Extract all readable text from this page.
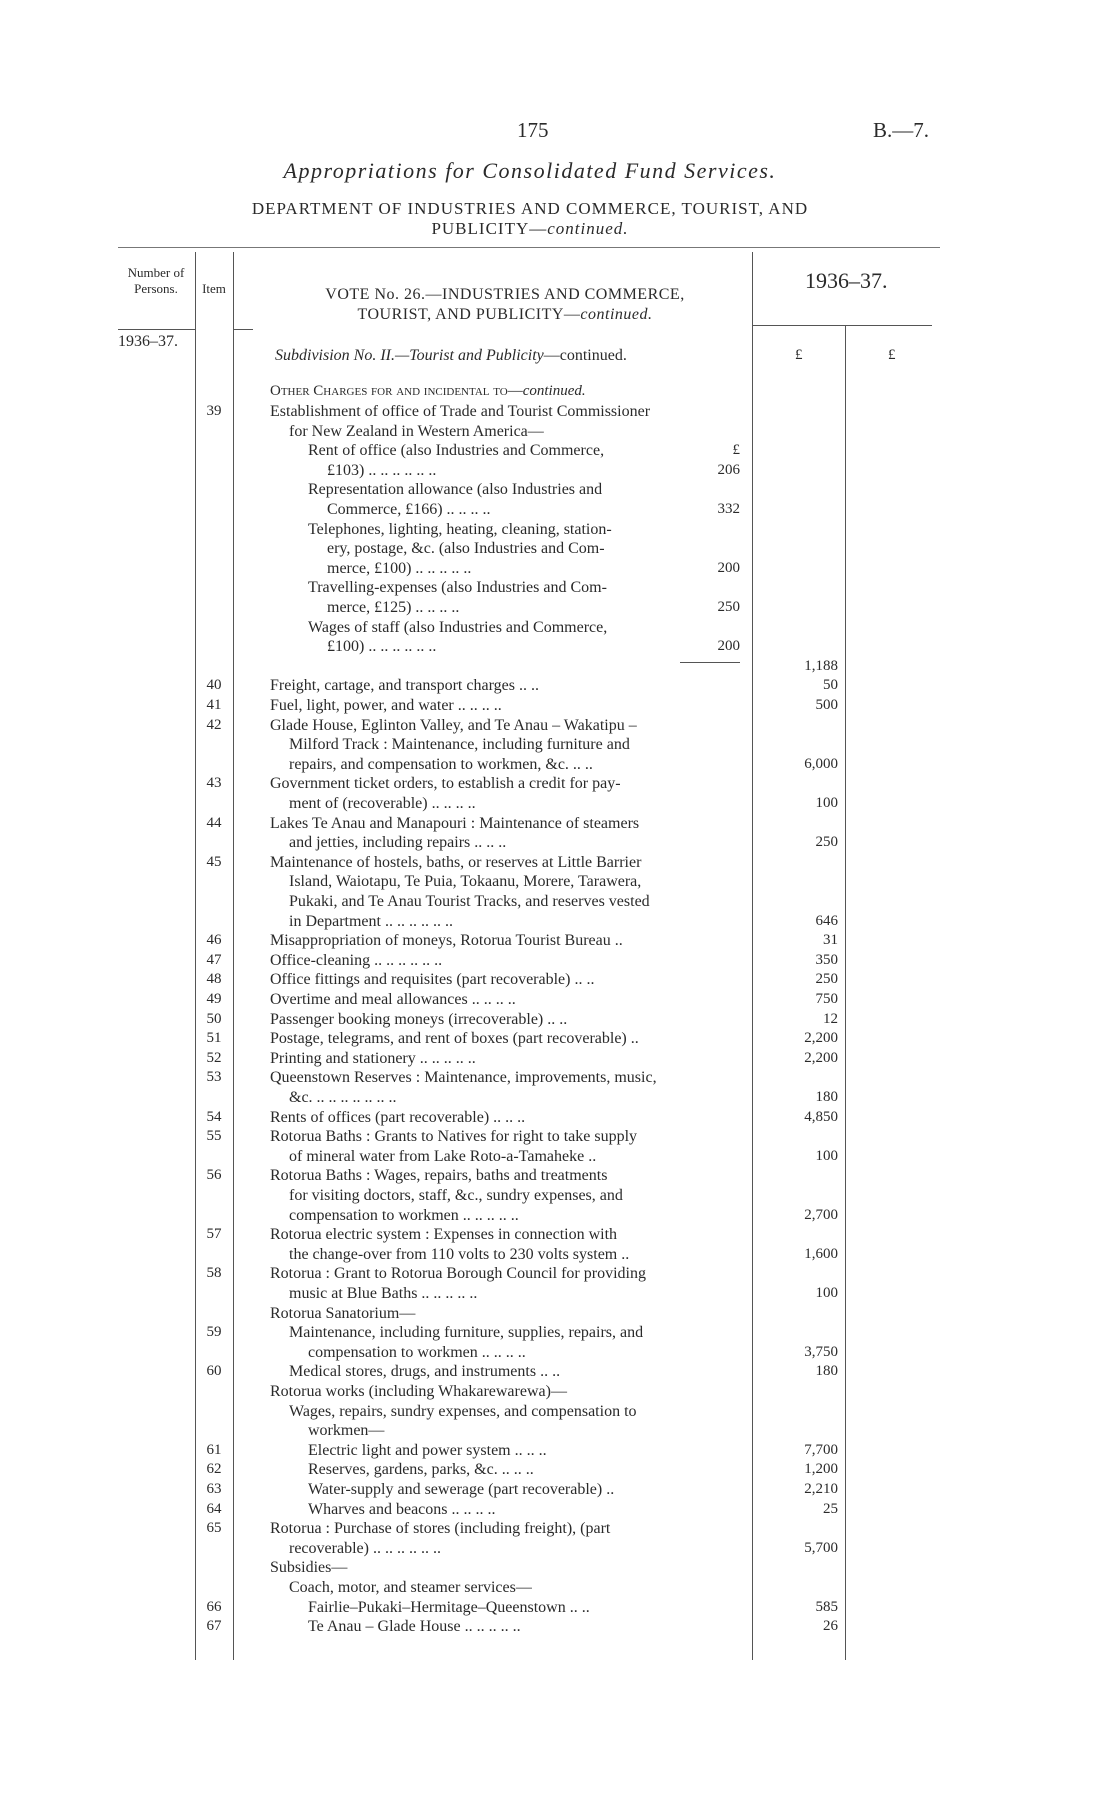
175	B.—7.
Appropriations for Consolidated Fund Services.
DEPARTMENT OF INDUSTRIES AND COMMERCE, TOURIST, AND
PUBLICITY—continued.
Number of Persons.	Item
1936–37.
VOTE No. 26.—INDUSTRIES AND COMMERCE,
TOURIST, AND PUBLICITY—continued.
1936–37.
Subdivision No. II.—Tourist and Publicity—continued.	£	£
Other Charges for and incidental to—continued.
39	Establishment of office of Trade and Tourist Commissioner
for New Zealand in Western America—
Rent of office (also Industries and Commerce,	£
£103) .. .. .. .. .. ..	206
Representation allowance (also Industries and
Commerce, £166) .. .. .. ..	332
Telephones, lighting, heating, cleaning, station-
ery, postage, &c. (also Industries and Com-
merce, £100) .. .. .. .. ..	200
Travelling-expenses (also Industries and Com-
merce, £125) .. .. .. ..	250
Wages of staff (also Industries and Commerce,
£100) .. .. .. .. .. ..	200
1,188
40	Freight, cartage, and transport charges .. ..	50
41	Fuel, light, power, and water .. .. .. ..	500
42	Glade House, Eglinton Valley, and Te Anau – Wakatipu –
Milford Track : Maintenance, including furniture and
repairs, and compensation to workmen, &c. .. ..	6,000
43	Government ticket orders, to establish a credit for pay-
ment of (recoverable) .. .. .. ..	100
44	Lakes Te Anau and Manapouri : Maintenance of steamers
and jetties, including repairs .. .. ..	250
45	Maintenance of hostels, baths, or reserves at Little Barrier
Island, Waiotapu, Te Puia, Tokaanu, Morere, Tarawera,
Pukaki, and Te Anau Tourist Tracks, and reserves vested
in Department .. .. .. .. .. ..	646
46	Misappropriation of moneys, Rotorua Tourist Bureau ..	31
47	Office-cleaning .. .. .. .. .. ..	350
48	Office fittings and requisites (part recoverable) .. ..	250
49	Overtime and meal allowances .. .. .. ..	750
50	Passenger booking moneys (irrecoverable) .. ..	12
51	Postage, telegrams, and rent of boxes (part recoverable) ..	2,200
52	Printing and stationery .. .. .. .. ..	2,200
53	Queenstown Reserves : Maintenance, improvements, music,
&c. .. .. .. .. .. .. ..	180
54	Rents of offices (part recoverable) .. .. ..	4,850
55	Rotorua Baths : Grants to Natives for right to take supply
of mineral water from Lake Roto-a-Tamaheke ..	100
56	Rotorua Baths : Wages, repairs, baths and treatments
for visiting doctors, staff, &c., sundry expenses, and
compensation to workmen .. .. .. .. ..	2,700
57	Rotorua electric system : Expenses in connection with
the change-over from 110 volts to 230 volts system ..	1,600
58	Rotorua : Grant to Rotorua Borough Council for providing
music at Blue Baths .. .. .. .. ..	100
Rotorua Sanatorium—
59	Maintenance, including furniture, supplies, repairs, and
compensation to workmen .. .. .. ..	3,750
60	Medical stores, drugs, and instruments .. ..	180
Rotorua works (including Whakarewarewa)—
Wages, repairs, sundry expenses, and compensation to
workmen—
61	Electric light and power system .. .. ..	7,700
62	Reserves, gardens, parks, &c. .. .. ..	1,200
63	Water-supply and sewerage (part recoverable) ..	2,210
64	Wharves and beacons .. .. .. ..	25
65	Rotorua : Purchase of stores (including freight), (part
recoverable) .. .. .. .. .. ..	5,700
Subsidies—
Coach, motor, and steamer services—
66	Fairlie–Pukaki–Hermitage–Queenstown .. ..	585
67	Te Anau – Glade House .. .. .. .. ..	26
